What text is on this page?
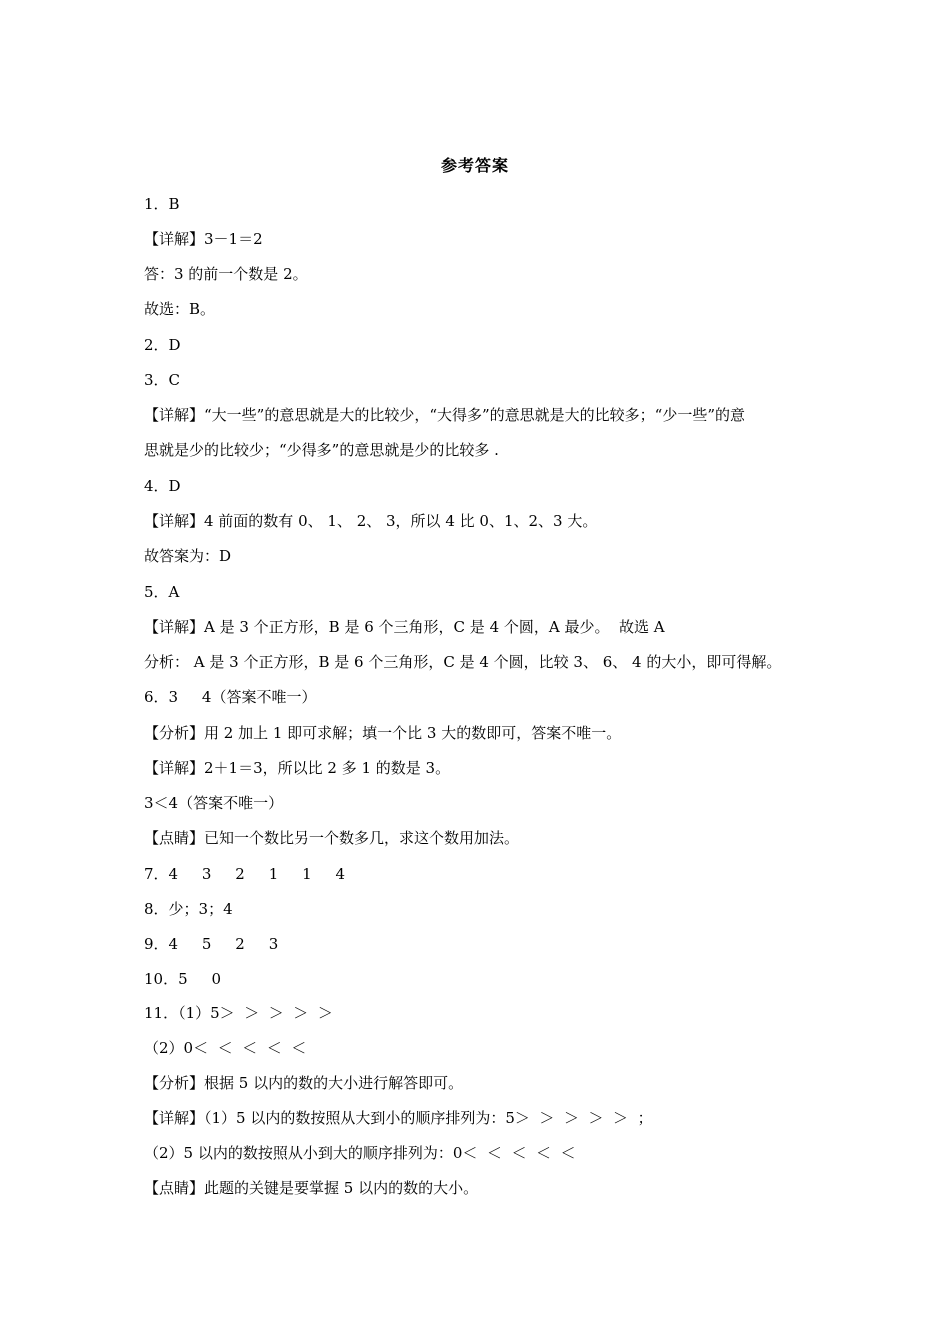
参考答案
1．B
【详解】3－1＝2
答：3 的前一个数是 2。
故选：B。
2．D
3．C
【详解】“大一些”的意思就是大的比较少，“大得多”的意思就是大的比较多；“少一些”的意
思就是少的比较少；“少得多”的意思就是少的比较多 .
4．D
【详解】4 前面的数有 0、 1、 2、 3，所以 4 比 0、1、2、3 大。
故答案为：D
5．A
【详解】A 是 3 个正方形，B 是 6 个三角形，C 是 4 个圆，A 最少。  故选 A
分析： A 是 3 个正方形，B 是 6 个三角形，C 是 4 个圆，比较 3、 6、 4 的大小，即可得解。
6．3     4（答案不唯一）
【分析】用 2 加上 1 即可求解；填一个比 3 大的数即可，答案不唯一。
【详解】2＋1＝3，所以比 2 多 1 的数是 3。
3＜4（答案不唯一）
【点睛】已知一个数比另一个数多几，求这个数用加法。
7．4     3     2     1     1     4
8．少；3；4
9．4     5     2     3
10．5     0
11．（1）5＞  ＞  ＞  ＞  ＞
（2）0＜  ＜  ＜  ＜  ＜
【分析】根据 5 以内的数的大小进行解答即可。
【详解】（1）5 以内的数按照从大到小的顺序排列为：5＞  ＞  ＞  ＞  ＞  ；
（2）5 以内的数按照从小到大的顺序排列为：0＜  ＜  ＜  ＜  ＜
【点睛】此题的关键是要掌握 5 以内的数的大小。
